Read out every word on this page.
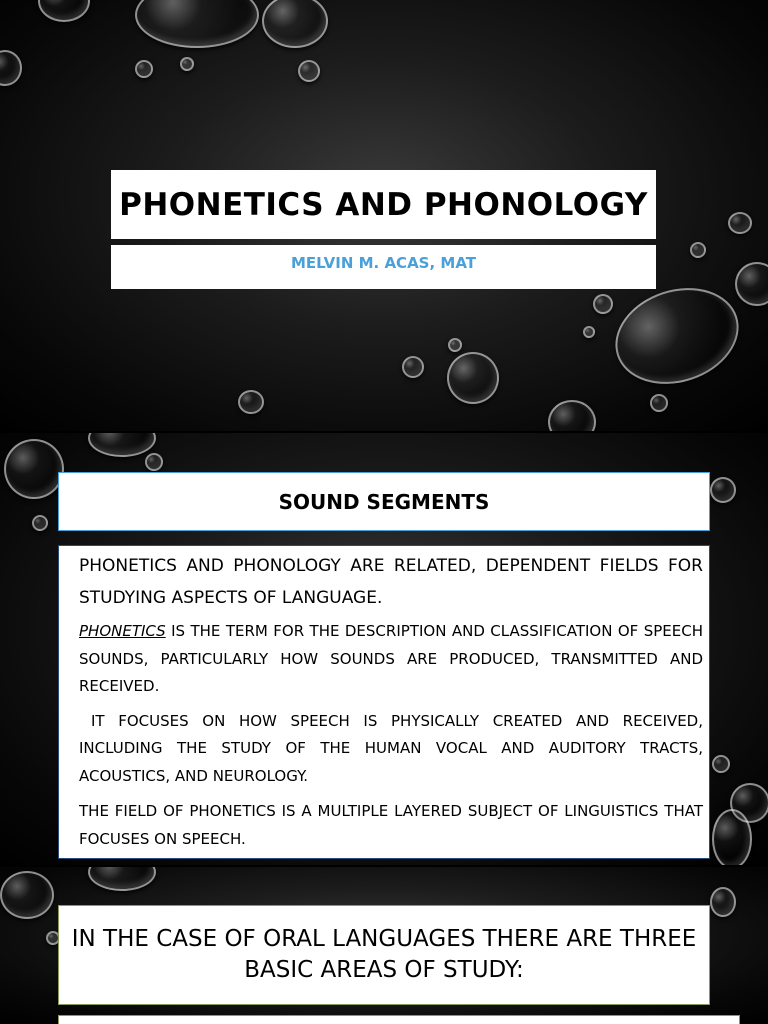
PHONETICS AND PHONOLOGY
MELVIN M. ACAS, MAT
SOUND SEGMENTS

PHONETICS AND PHONOLOGY ARE RELATED, DEPENDENT FIELDS FOR STUDYING ASPECTS OF LANGUAGE.

PHONETICS IS THE TERM FOR THE DESCRIPTION AND CLASSIFICATION OF SPEECH SOUNDS, PARTICULARLY HOW SOUNDS ARE PRODUCED, TRANSMITTED AND RECEIVED.

IT FOCUSES ON HOW SPEECH IS PHYSICALLY CREATED AND RECEIVED, INCLUDING THE STUDY OF THE HUMAN VOCAL AND AUDITORY TRACTS, ACOUSTICS, AND NEUROLOGY.

THE FIELD OF PHONETICS IS A MULTIPLE LAYERED SUBJECT OF LINGUISTICS THAT FOCUSES ON SPEECH.

IN THE CASE OF ORAL LANGUAGES THERE ARE THREE BASIC AREAS OF STUDY:
